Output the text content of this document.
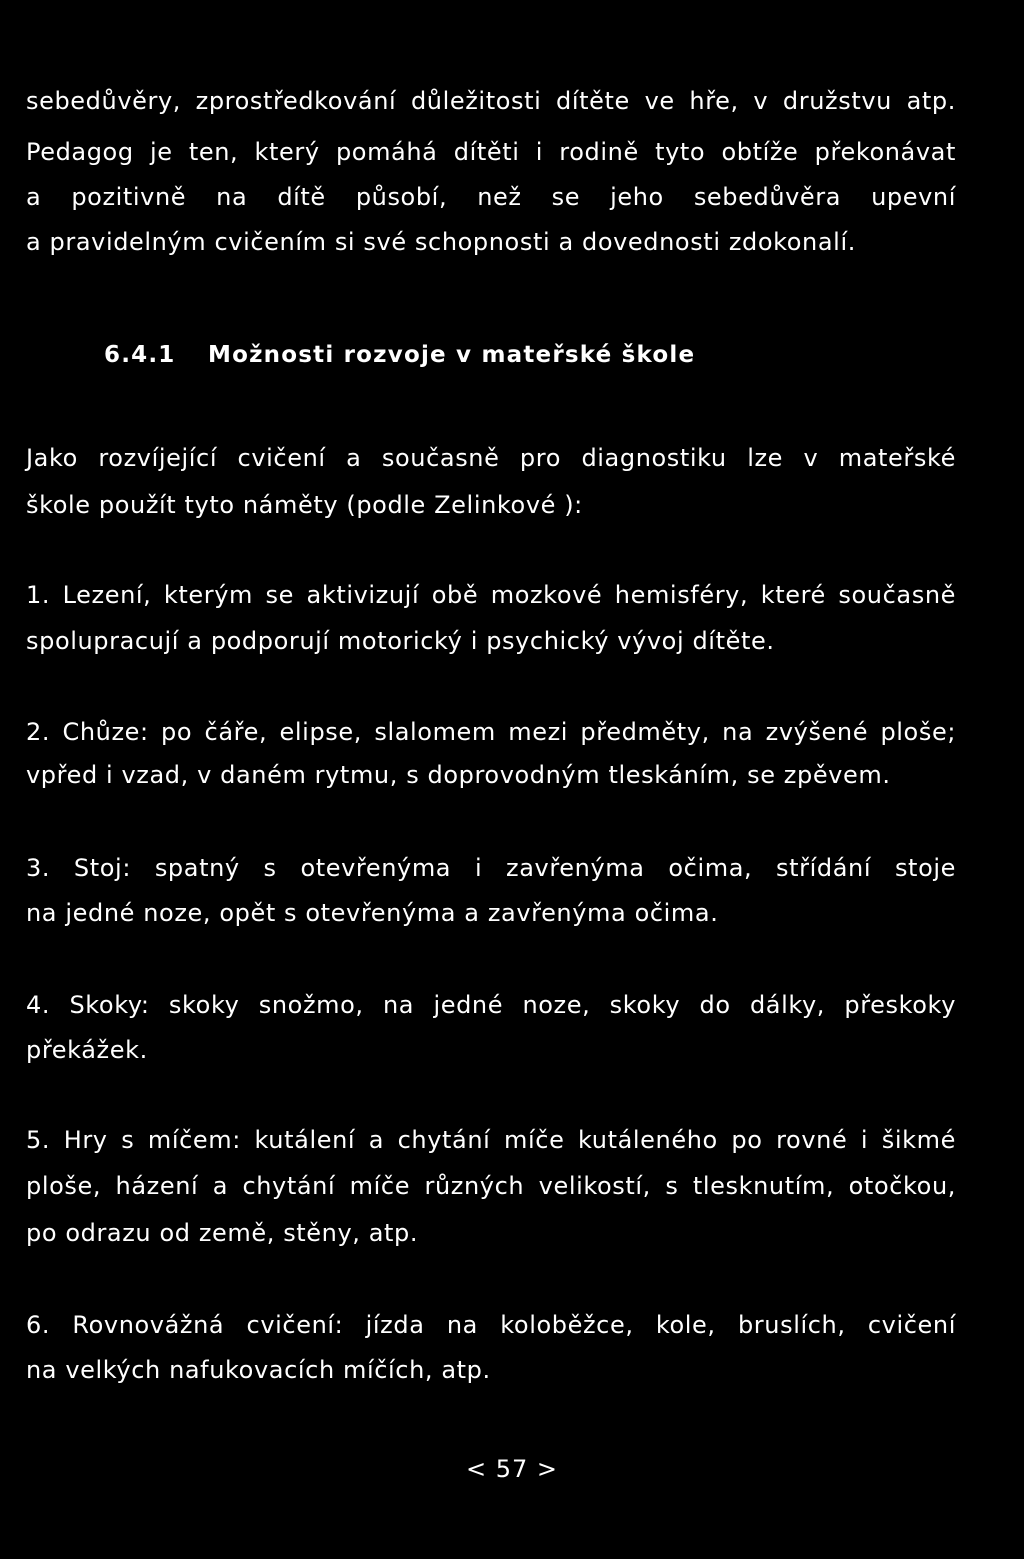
sebedůvěry, zprostředkování důležitosti dítěte ve hře, v družstvu atp.
Pedagog je ten, který pomáhá dítěti i rodině tyto obtíže překonávat
a pozitivně na dítě působí, než se jeho sebedůvěra upevní
a pravidelným cvičením si své schopnosti a dovednosti zdokonalí.
6.4.1 Možnosti rozvoje v mateřské škole
Jako rozvíjející cvičení a současně pro diagnostiku lze v mateřské
škole použít tyto náměty (podle Zelinkové ):
1. Lezení, kterým se aktivizují obě mozkové hemisféry, které současně
spolupracují a podporují motorický i psychický vývoj dítěte.
2. Chůze: po čáře, elipse, slalomem mezi předměty, na zvýšené ploše;
vpřed i vzad, v daném rytmu, s doprovodným tleskáním, se zpěvem.
3. Stoj: spatný s otevřenýma i zavřenýma očima, střídání stoje
na jedné noze, opět s otevřenýma a zavřenýma očima.
4. Skoky: skoky snožmo, na jedné noze, skoky do dálky, přeskoky
překážek.
5. Hry s míčem: kutálení a chytání míče kutáleného po rovné i šikmé
ploše, házení a chytání míče různých velikostí, s tlesknutím, otočkou,
po odrazu od země, stěny, atp.
6. Rovnovážná cvičení: jízda na koloběžce, kole, bruslích, cvičení
na velkých nafukovacích míčích, atp.
< 57 >
